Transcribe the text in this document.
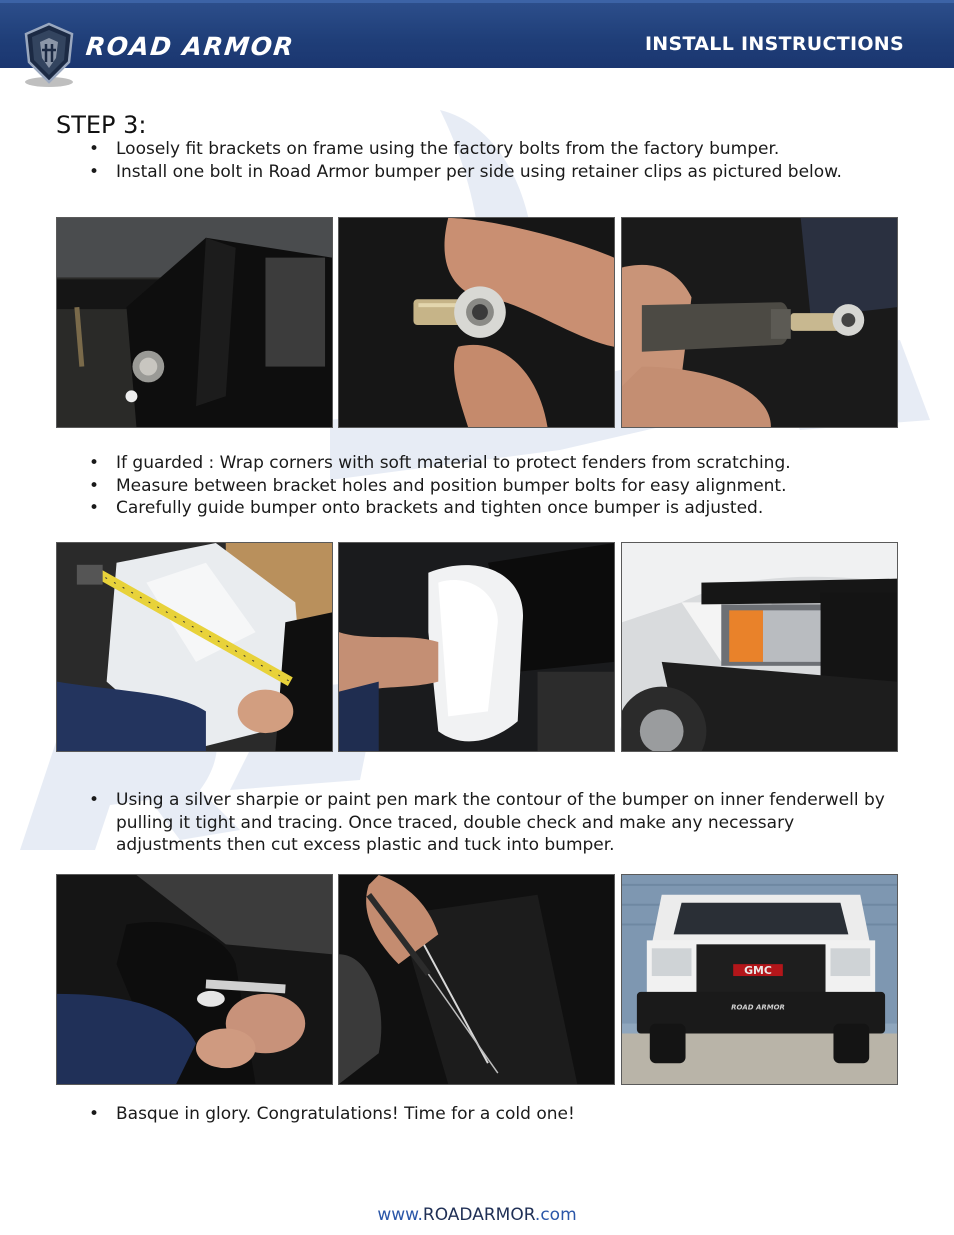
ROAD ARMOR	INSTALL INSTRUCTIONS
STEP 3:
• Loosely fit brackets on frame using the factory bolts from the factory bumper.
• Install one bolt in Road Armor bumper per side using retainer clips as pictured below.
• If guarded : Wrap corners with soft material to protect fenders from scratching.
• Measure between bracket holes and position bumper bolts for easy alignment.
• Carefully guide bumper onto brackets and tighten once bumper is adjusted.
• Using a silver sharpie or paint pen mark the contour of the bumper on inner fenderwell by pulling it tight and tracing. Once traced, double check and make any necessary adjustments then cut excess plastic and tuck into bumper.
GMC
ROAD ARMOR
• Basque in glory. Congratulations! Time for a cold one!
www.ROADARMOR.com
